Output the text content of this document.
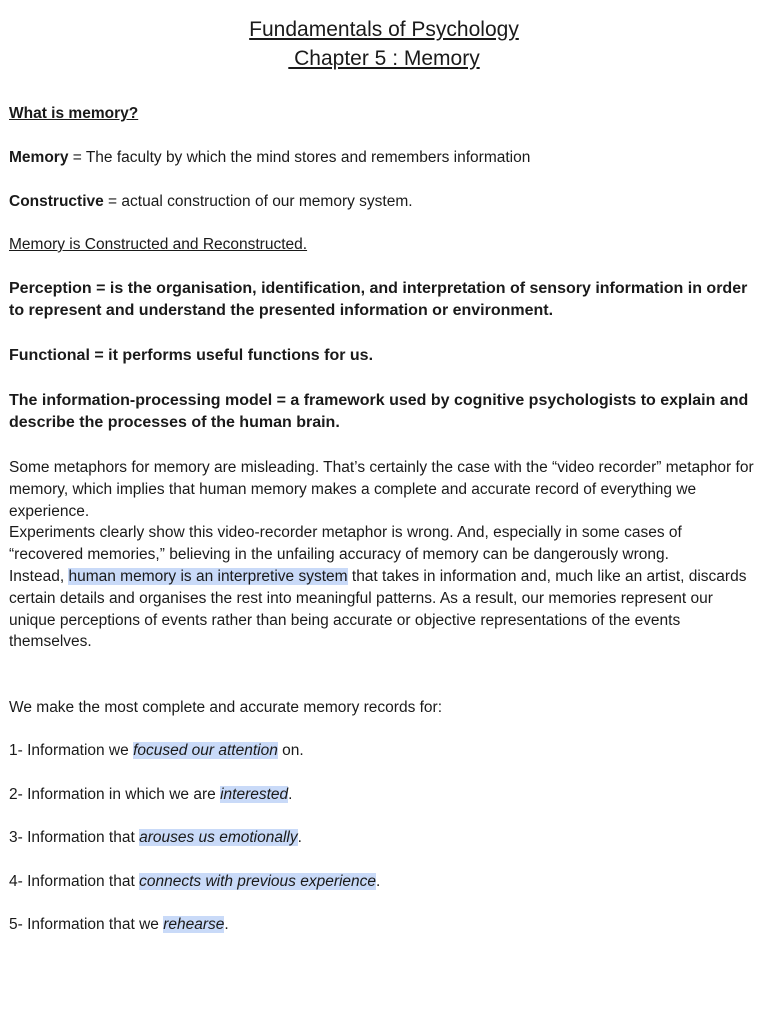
Fundamentals of Psychology
Chapter 5 : Memory
What is memory?
Memory = The faculty by which the mind stores and remembers information
Constructive = actual construction of our memory system.
Memory is Constructed and Reconstructed.
Perception = is the organisation, identification, and interpretation of sensory information in order to represent and understand the presented information or environment.
Functional = it performs useful functions for us.
The information-processing model = a framework used by cognitive psychologists to explain and describe the processes of the human brain.

Some metaphors for memory are misleading. That’s certainly the case with the “video recorder” metaphor for memory, which implies that human memory makes a complete and accurate record of everything we experience.

Experiments clearly show this video-recorder metaphor is wrong. And, especially in some cases of “recovered memories,” believing in the unfailing accuracy of memory can be dangerously wrong.

Instead, human memory is an interpretive system that takes in information and, much like an artist, discards certain details and organises the rest into meaningful patterns. As a result, our memories represent our unique perceptions of events rather than being accurate or objective representations of the events themselves.

We make the most complete and accurate memory records for:
1- Information we focused our attention on.
2- Information in which we are interested.
3- Information that arouses us emotionally.
4- Information that connects with previous experience.
5- Information that we rehearse.
